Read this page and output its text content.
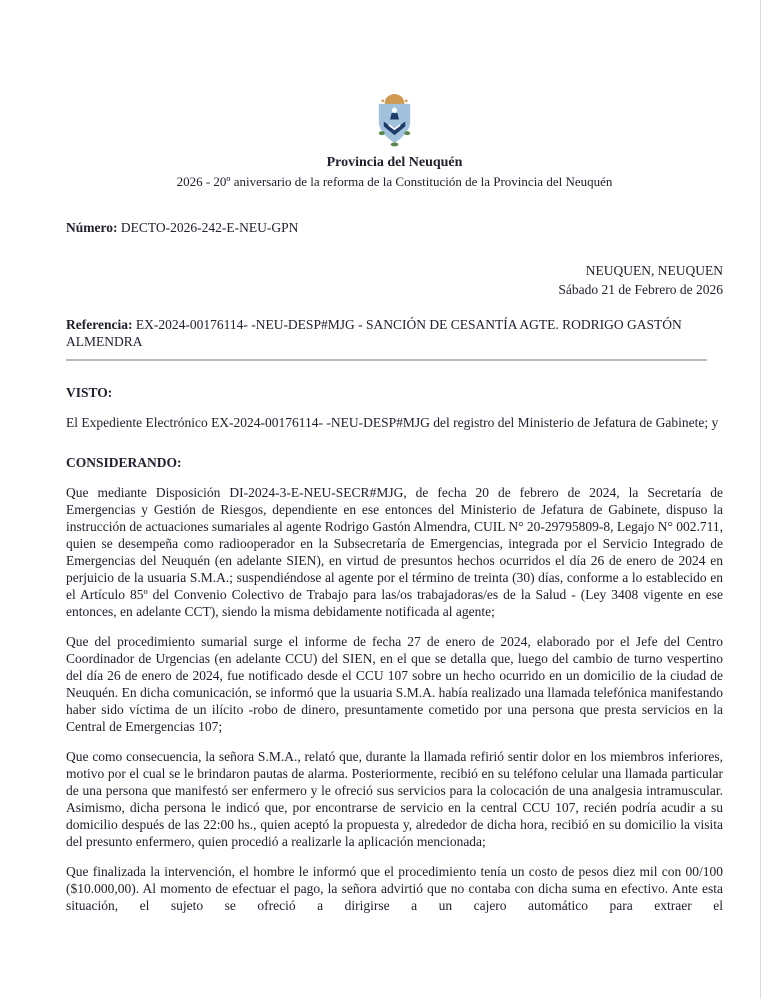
Provincia del Neuquén
2026 - 20º aniversario de la reforma de la Constitución de la Provincia del Neuquén
Número: DECTO-2026-242-E-NEU-GPN
NEUQUEN, NEUQUEN
Sábado 21 de Febrero de 2026
Referencia: EX-2024-00176114- -NEU-DESP#MJG - SANCIÓN DE CESANTÍA AGTE. RODRIGO GASTÓN ALMENDRA
VISTO:

El Expediente Electrónico EX-2024-00176114- -NEU-DESP#MJG del registro del Ministerio de Jefatura de Gabinete; y

CONSIDERANDO:

Que mediante Disposición DI-2024-3-E-NEU-SECR#MJG, de fecha 20 de febrero de 2024, la Secretaría de Emergencias y Gestión de Riesgos, dependiente en ese entonces del Ministerio de Jefatura de Gabinete, dispuso la instrucción de actuaciones sumariales al agente Rodrigo Gastón Almendra, CUIL N° 20-29795809-8, Legajo N° 002.711, quien se desempeña como radiooperador en la Subsecretaría de Emergencias, integrada por el Servicio Integrado de Emergencias del Neuquén (en adelante SIEN), en virtud de presuntos hechos ocurridos el día 26 de enero de 2024 en perjuicio de la usuaria S.M.A.; suspendiéndose al agente por el término de treinta (30) días, conforme a lo establecido en el Artículo 85º del Convenio Colectivo de Trabajo para las/os trabajadoras/es de la Salud - (Ley 3408 vigente en ese entonces, en adelante CCT), siendo la misma debidamente notificada al agente;

Que del procedimiento sumarial surge el informe de fecha 27 de enero de 2024, elaborado por el Jefe del Centro Coordinador de Urgencias (en adelante CCU) del SIEN, en el que se detalla que, luego del cambio de turno vespertino del día 26 de enero de 2024, fue notificado desde el CCU 107 sobre un hecho ocurrido en un domicilio de la ciudad de Neuquén. En dicha comunicación, se informó que la usuaria S.M.A. había realizado una llamada telefónica manifestando haber sido víctima de un ilícito -robo de dinero, presuntamente cometido por una persona que presta servicios en la Central de Emergencias 107;

Que como consecuencia, la señora S.M.A., relató que, durante la llamada refirió sentir dolor en los miembros inferiores, motivo por el cual se le brindaron pautas de alarma. Posteriormente, recibió en su teléfono celular una llamada particular de una persona que manifestó ser enfermero y le ofreció sus servicios para la colocación de una analgesia intramuscular. Asimismo, dicha persona le indicó que, por encontrarse de servicio en la central CCU 107, recién podría acudir a su domicilio después de las 22:00 hs., quien aceptó la propuesta y, alrededor de dicha hora, recibió en su domicilio la visita del presunto enfermero, quien procedió a realizarle la aplicación mencionada;

Que finalizada la intervención, el hombre le informó que el procedimiento tenía un costo de pesos diez mil con 00/100 ($10.000,00). Al momento de efectuar el pago, la señora advirtió que no contaba con dicha suma en efectivo. Ante esta situación, el sujeto se ofreció a dirigirse a un cajero automático para extraer el
